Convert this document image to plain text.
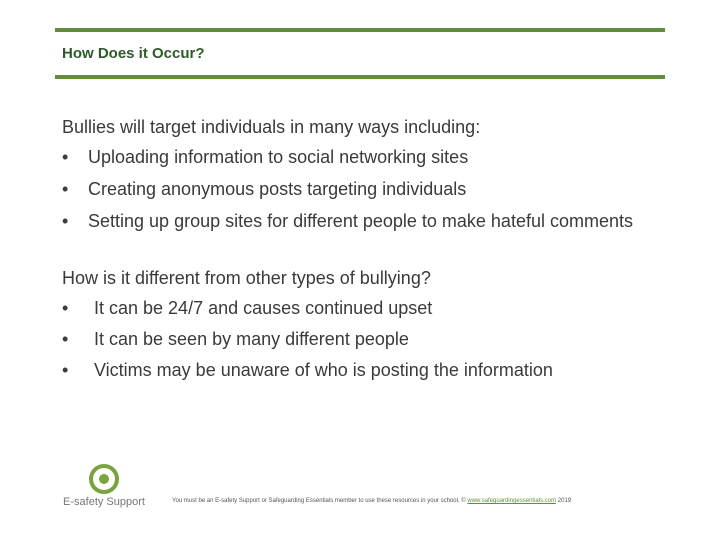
How Does it Occur?

Bullies will target individuals in many ways including:

• Uploading information to social networking sites
• Creating anonymous posts targeting individuals
• Setting up group sites for different people to make hateful comments

How is it different from other types of bullying?

• It can be 24/7 and causes continued upset
• It can be seen by many different people
• Victims may be unaware of who is posting the information
E-safety Support	You must be an E-safety Support or Safeguarding Essentials member to use these resources in your school. © www.safeguardingessentials.com 2019
